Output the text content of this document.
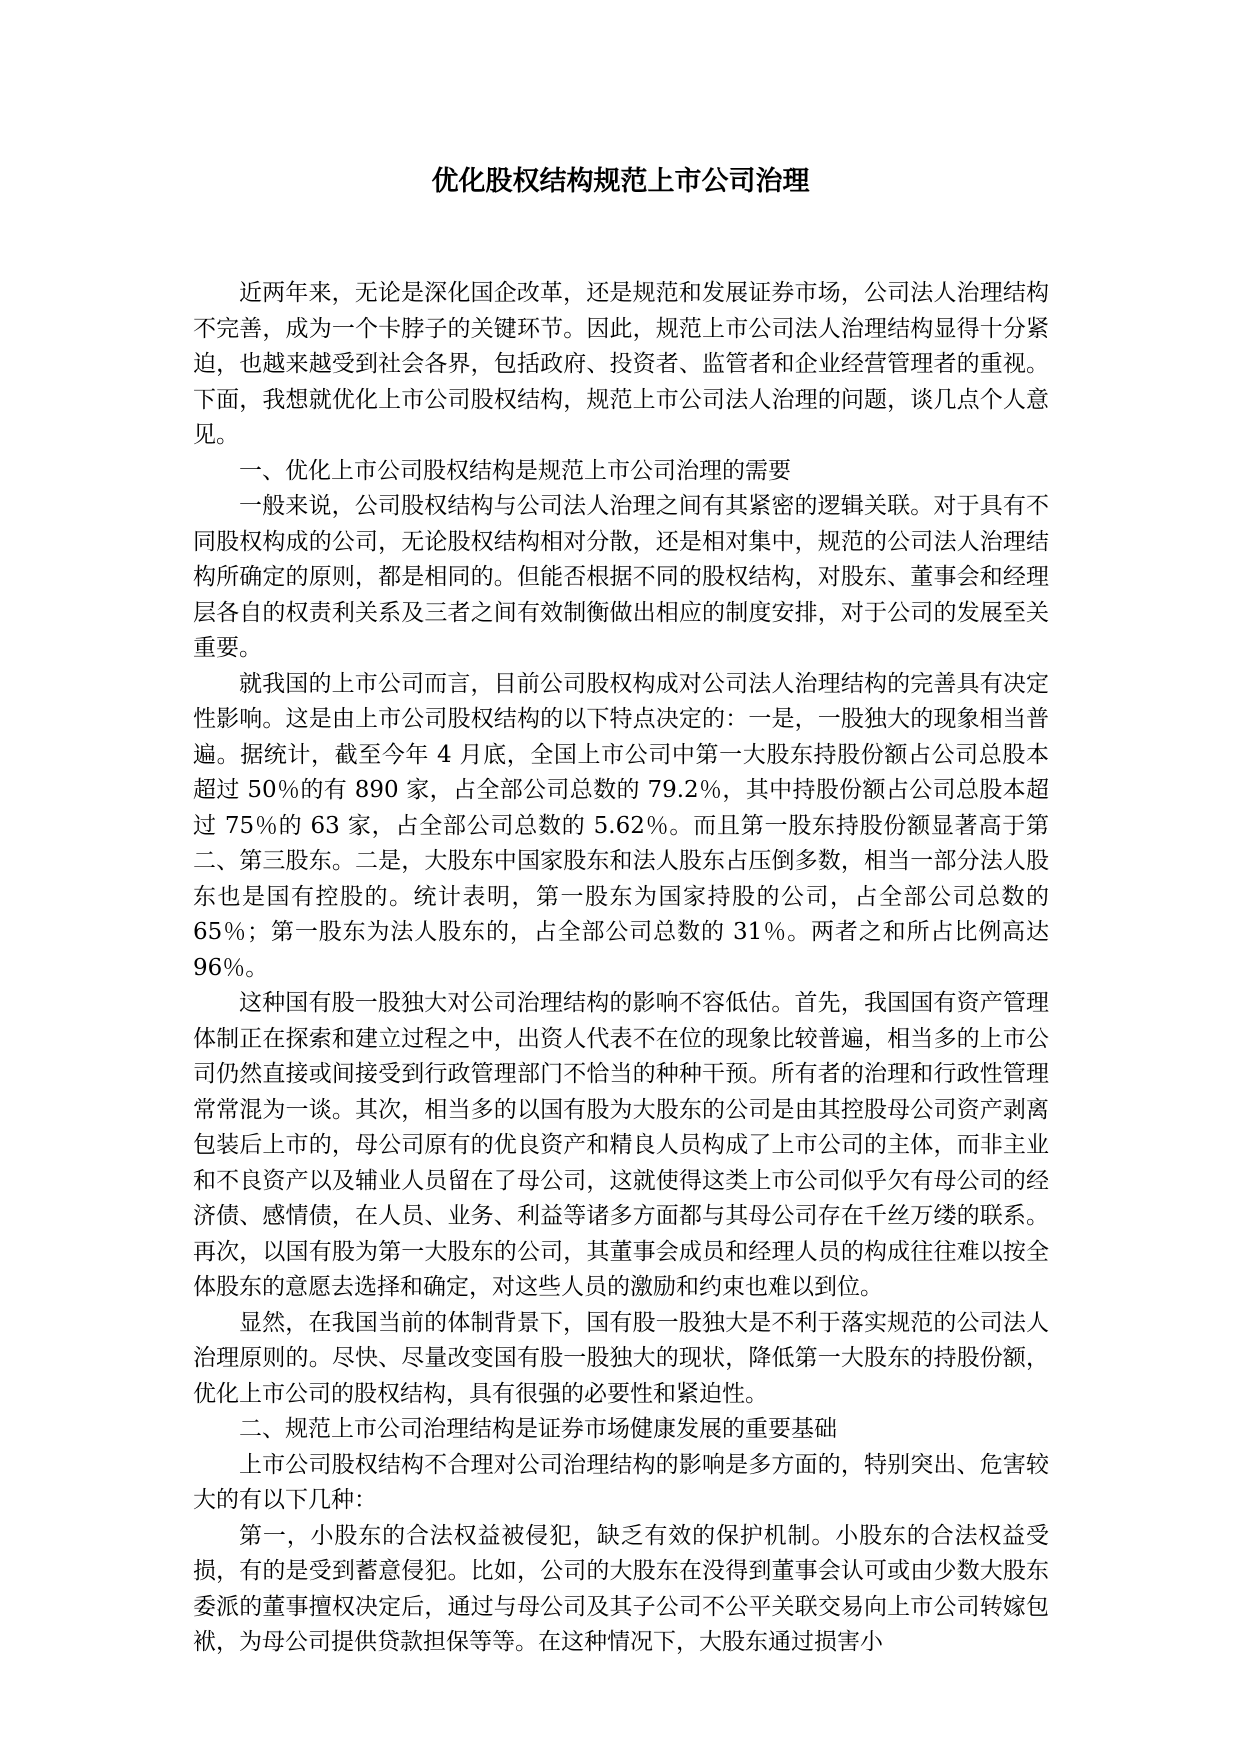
优化股权结构规范上市公司治理

近两年来，无论是深化国企改革，还是规范和发展证券市场，公司法人治理结构不完善，成为一个卡脖子的关键环节。因此，规范上市公司法人治理结构显得十分紧迫，也越来越受到社会各界，包括政府、投资者、监管者和企业经营管理者的重视。下面，我想就优化上市公司股权结构，规范上市公司法人治理的问题，谈几点个人意见。

一、优化上市公司股权结构是规范上市公司治理的需要

一般来说，公司股权结构与公司法人治理之间有其紧密的逻辑关联。对于具有不同股权构成的公司，无论股权结构相对分散，还是相对集中，规范的公司法人治理结构所确定的原则，都是相同的。但能否根据不同的股权结构，对股东、董事会和经理层各自的权责利关系及三者之间有效制衡做出相应的制度安排，对于公司的发展至关重要。

就我国的上市公司而言，目前公司股权构成对公司法人治理结构的完善具有决定性影响。这是由上市公司股权结构的以下特点决定的：一是，一股独大的现象相当普遍。据统计，截至今年 4 月底，全国上市公司中第一大股东持股份额占公司总股本超过 50％的有 890 家，占全部公司总数的 79.2％，其中持股份额占公司总股本超过 75％的 63 家，占全部公司总数的 5.62％。而且第一股东持股份额显著高于第二、第三股东。二是，大股东中国家股东和法人股东占压倒多数，相当一部分法人股东也是国有控股的。统计表明，第一股东为国家持股的公司，占全部公司总数的 65％；第一股东为法人股东的，占全部公司总数的 31％。两者之和所占比例高达 96％。

这种国有股一股独大对公司治理结构的影响不容低估。首先，我国国有资产管理体制正在探索和建立过程之中，出资人代表不在位的现象比较普遍，相当多的上市公司仍然直接或间接受到行政管理部门不恰当的种种干预。所有者的治理和行政性管理常常混为一谈。其次，相当多的以国有股为大股东的公司是由其控股母公司资产剥离包装后上市的，母公司原有的优良资产和精良人员构成了上市公司的主体，而非主业和不良资产以及辅业人员留在了母公司，这就使得这类上市公司似乎欠有母公司的经济债、感情债，在人员、业务、利益等诸多方面都与其母公司存在千丝万缕的联系。再次，以国有股为第一大股东的公司，其董事会成员和经理人员的构成往往难以按全体股东的意愿去选择和确定，对这些人员的激励和约束也难以到位。

显然，在我国当前的体制背景下，国有股一股独大是不利于落实规范的公司法人治理原则的。尽快、尽量改变国有股一股独大的现状，降低第一大股东的持股份额，优化上市公司的股权结构，具有很强的必要性和紧迫性。

二、规范上市公司治理结构是证券市场健康发展的重要基础

上市公司股权结构不合理对公司治理结构的影响是多方面的，特别突出、危害较大的有以下几种：

第一，小股东的合法权益被侵犯，缺乏有效的保护机制。小股东的合法权益受损，有的是受到蓄意侵犯。比如，公司的大股东在没得到董事会认可或由少数大股东委派的董事擅权决定后，通过与母公司及其子公司不公平关联交易向上市公司转嫁包袱，为母公司提供贷款担保等等。在这种情况下，大股东通过损害小
